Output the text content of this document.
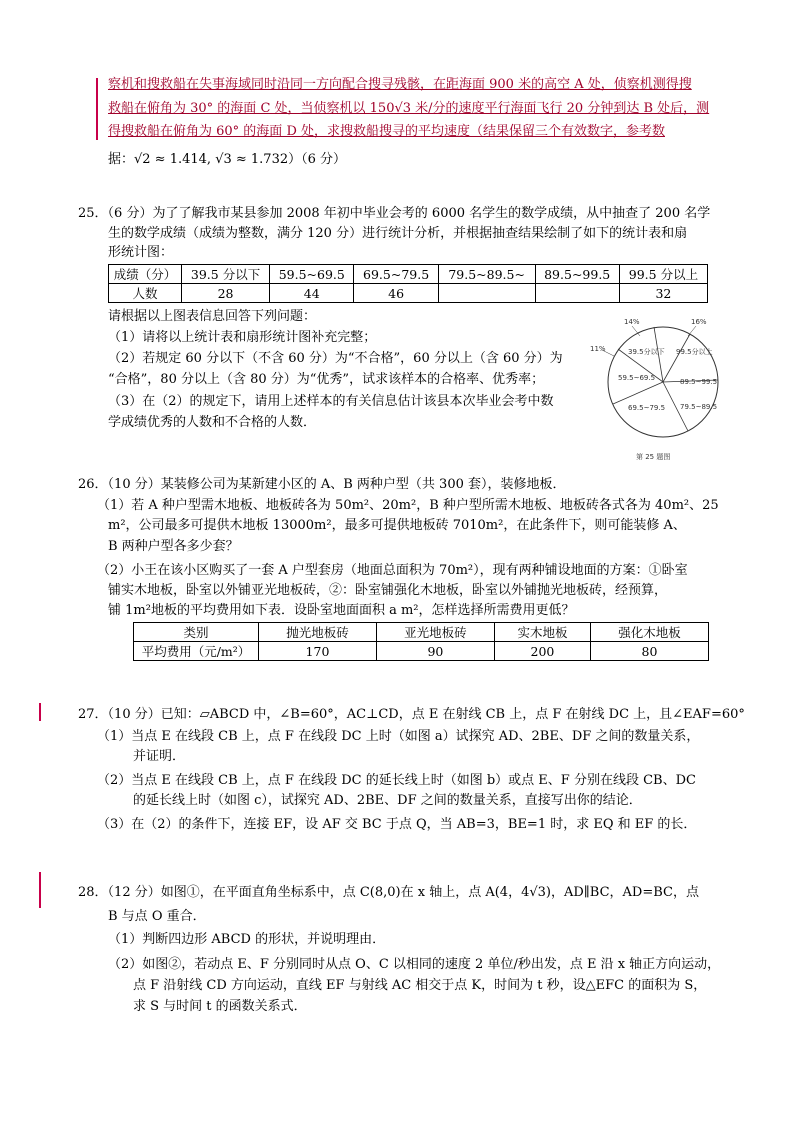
察机和搜救船在失事海域同时沿同一方向配合搜寻残骸，在距海面 900 米的高空 A 处，侦察机测得搜
救船在俯角为 30° 的海面 C 处，当侦察机以 150√3 米/分的速度平行海面飞行 20 分钟到达 B 处后，测
得搜救船在俯角为 60° 的海面 D 处，求搜救船搜寻的平均速度（结果保留三个有效数字，参考数
据：√2 ≈ 1.414, √3 ≈ 1.732）（6 分）
25．（6 分）为了了解我市某县参加 2008 年初中毕业会考的 6000 名学生的数学成绩，从中抽查了 200 名学
生的数学成绩（成绩为整数，满分 120 分）进行统计分析，并根据抽查结果绘制了如下的统计表和扇
形统计图：
成绩（分）	39.5 分以下	59.5~69.5	69.5~79.5	79.5~89.5~	89.5~99.5	99.5 分以上
人数	28	44	46			32
请根据以上图表信息回答下列问题：
（1）请将以上统计表和扇形统计图补充完整；
（2）若规定 60 分以下（不含 60 分）为“不合格”，60 分以上（含 60 分）为
“合格”，80 分以上（含 80 分）为“优秀”，试求该样本的合格率、优秀率；
（3）在（2）的规定下，请用上述样本的有关信息估计该县本次毕业会考中数
学成绩优秀的人数和不合格的人数．
14%	16%
11%	39.5分以下 99.5分以上
59.5~69.5
69.5~79.5 79.5~89.5
89.5~99.5
第 25 题图
26．（10 分）某装修公司为某新建小区的 A、B 两种户型（共 300 套），装修地板．
（1）若 A 种户型需木地板、地板砖各为 50m²、20m²，B 种户型所需木地板、地板砖各式各为 40m²、25
m²，公司最多可提供木地板 13000m²，最多可提供地板砖 7010m²，在此条件下，则可能装修 A、
B 两种户型各多少套？
（2）小王在该小区购买了一套 A 户型套房（地面总面积为 70m²），现有两种铺设地面的方案：①卧室
铺实木地板，卧室以外铺亚光地板砖，②：卧室铺强化木地板，卧室以外铺抛光地板砖，经预算，
铺 1m²地板的平均费用如下表．设卧室地面面积 a m²，怎样选择所需费用更低？
类别	抛光地板砖	亚光地板砖	实木地板	强化木地板
平均费用（元/m²）	170	90	200	80
27．（10 分）已知：▱ABCD 中，∠B=60°，AC⊥CD，点 E 在射线 CB 上，点 F 在射线 DC 上，且∠EAF=60°
（1）当点 E 在线段 CB 上，点 F 在线段 DC 上时（如图 a）试探究 AD、2BE、DF 之间的数量关系，
并证明．
（2）当点 E 在线段 CB 上，点 F 在线段 DC 的延长线上时（如图 b）或点 E、F 分别在线段 CB、DC
的延长线上时（如图 c），试探究 AD、2BE、DF 之间的数量关系，直接写出你的结论．
（3）在（2）的条件下，连接 EF，设 AF 交 BC 于点 Q，当 AB=3，BE=1 时，求 EQ 和 EF 的长．
28．（12 分）如图①，在平面直角坐标系中，点 C(8,0)在 x 轴上，点 A(4，4√3)，AD∥BC，AD=BC，点
B 与点 O 重合．
（1）判断四边形 ABCD 的形状，并说明理由．
（2）如图②，若动点 E、F 分别同时从点 O、C 以相同的速度 2 单位/秒出发，点 E 沿 x 轴正方向运动，
点 F 沿射线 CD 方向运动，直线 EF 与射线 AC 相交于点 K，时间为 t 秒，设△EFC 的面积为 S，
求 S 与时间 t 的函数关系式．
